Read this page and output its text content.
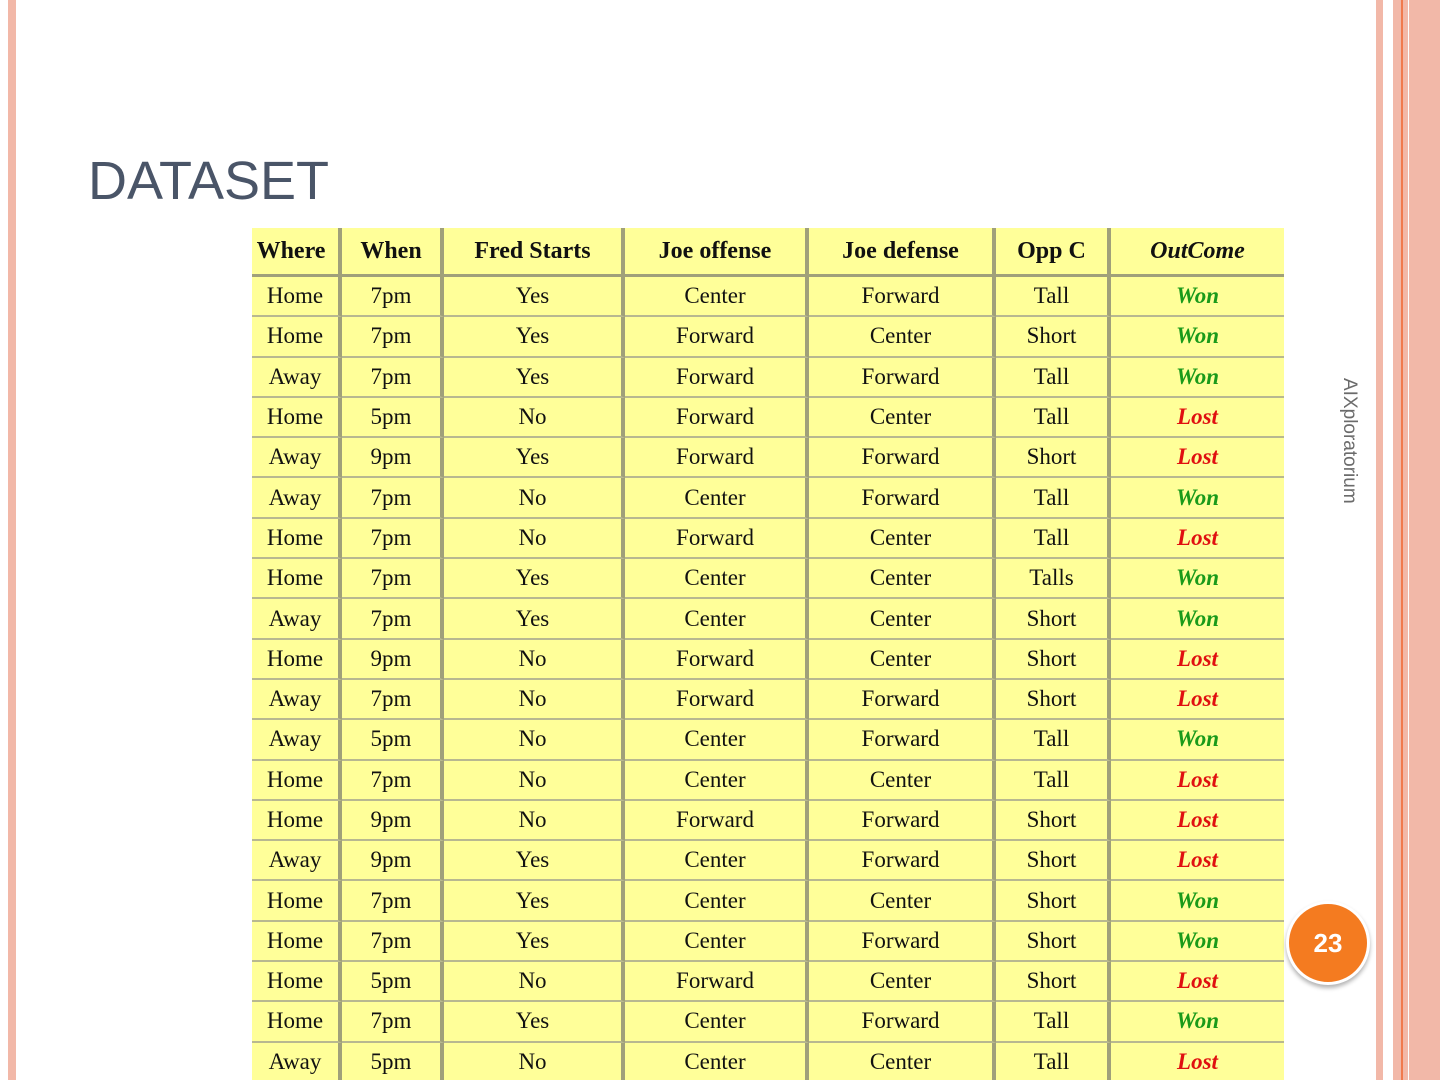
DATASET
AIXploratorium
Where	When	Fred Starts	Joe offense	Joe defense	Opp C	OutCome
Home	7pm	Yes	Center	Forward	Tall	Won
Home	7pm	Yes	Forward	Center	Short	Won
Away	7pm	Yes	Forward	Forward	Tall	Won
Home	5pm	No	Forward	Center	Tall	Lost
Away	9pm	Yes	Forward	Forward	Short	Lost
Away	7pm	No	Center	Forward	Tall	Won
Home	7pm	No	Forward	Center	Tall	Lost
Home	7pm	Yes	Center	Center	Talls	Won
Away	7pm	Yes	Center	Center	Short	Won
Home	9pm	No	Forward	Center	Short	Lost
Away	7pm	No	Forward	Forward	Short	Lost
Away	5pm	No	Center	Forward	Tall	Won
Home	7pm	No	Center	Center	Tall	Lost
Home	9pm	No	Forward	Forward	Short	Lost
Away	9pm	Yes	Center	Forward	Short	Lost
Home	7pm	Yes	Center	Center	Short	Won
Home	7pm	Yes	Center	Forward	Short	Won
Home	5pm	No	Forward	Center	Short	Lost
Home	7pm	Yes	Center	Forward	Tall	Won
Away	5pm	No	Center	Center	Tall	Lost
23
